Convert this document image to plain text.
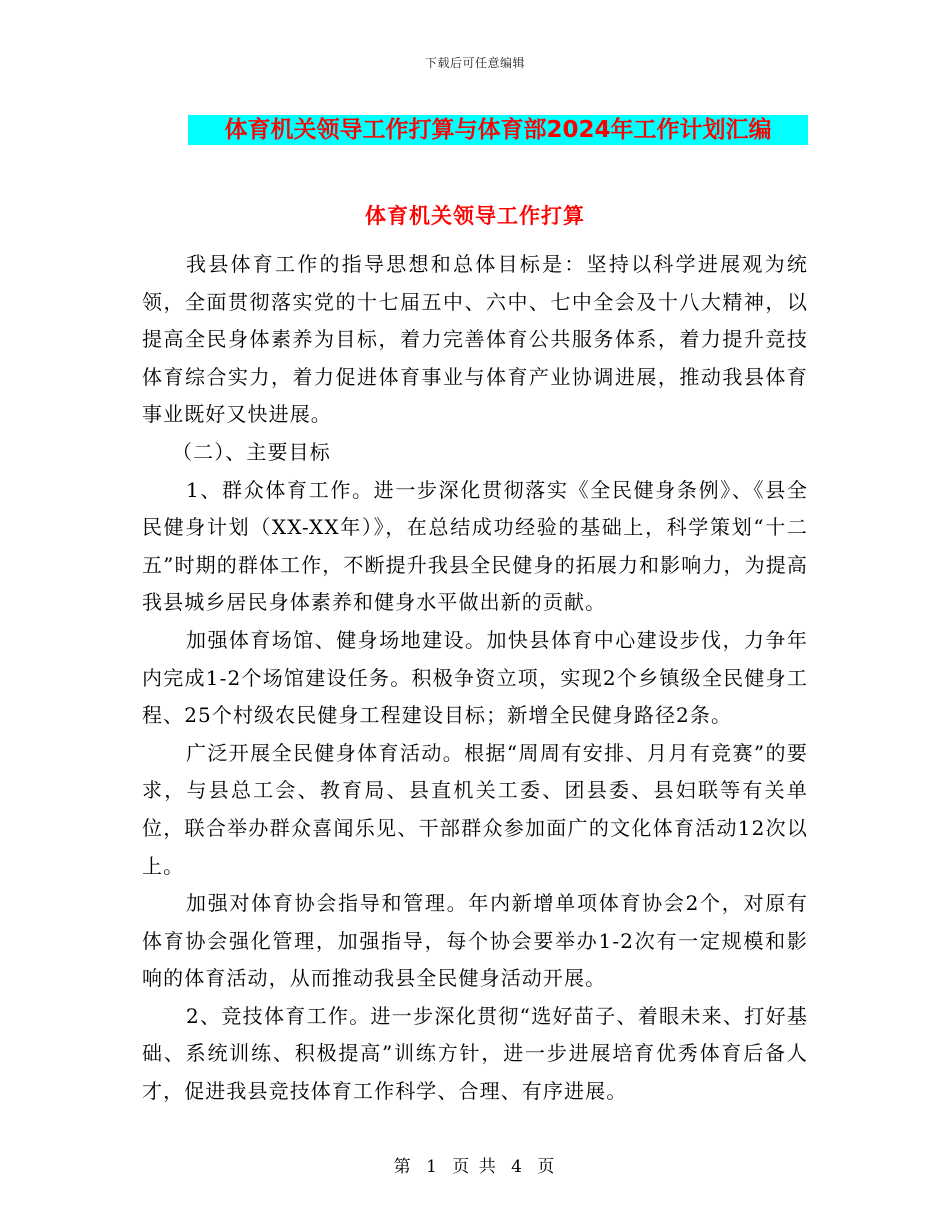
下载后可任意编辑
体育机关领导工作打算与体育部2024年工作计划汇编
体育机关领导工作打算

我县体育工作的指导思想和总体目标是：坚持以科学进展观为统领，全面贯彻落实党的十七届五中、六中、七中全会及十八大精神，以提高全民身体素养为目标，着力完善体育公共服务体系，着力提升竞技体育综合实力，着力促进体育事业与体育产业协调进展，推动我县体育事业既好又快进展。

（二）、主要目标

1、群众体育工作。进一步深化贯彻落实《全民健身条例》、《县全民健身计划（XX-XX年）》，在总结成功经验的基础上，科学策划“十二五”时期的群体工作，不断提升我县全民健身的拓展力和影响力，为提高我县城乡居民身体素养和健身水平做出新的贡献。

加强体育场馆、健身场地建设。加快县体育中心建设步伐，力争年内完成1-2个场馆建设任务。积极争资立项，实现2个乡镇级全民健身工程、25个村级农民健身工程建设目标；新增全民健身路径2条。

广泛开展全民健身体育活动。根据“周周有安排、月月有竞赛”的要求，与县总工会、教育局、县直机关工委、团县委、县妇联等有关单位，联合举办群众喜闻乐见、干部群众参加面广的文化体育活动12次以上。

加强对体育协会指导和管理。年内新增单项体育协会2个，对原有体育协会强化管理，加强指导，每个协会要举办1-2次有一定规模和影响的体育活动，从而推动我县全民健身活动开展。

2、竞技体育工作。进一步深化贯彻“选好苗子、着眼未来、打好基础、系统训练、积极提高”训练方针，进一步进展培育优秀体育后备人才，促进我县竞技体育工作科学、合理、有序进展。

第 1 页 共 4 页
